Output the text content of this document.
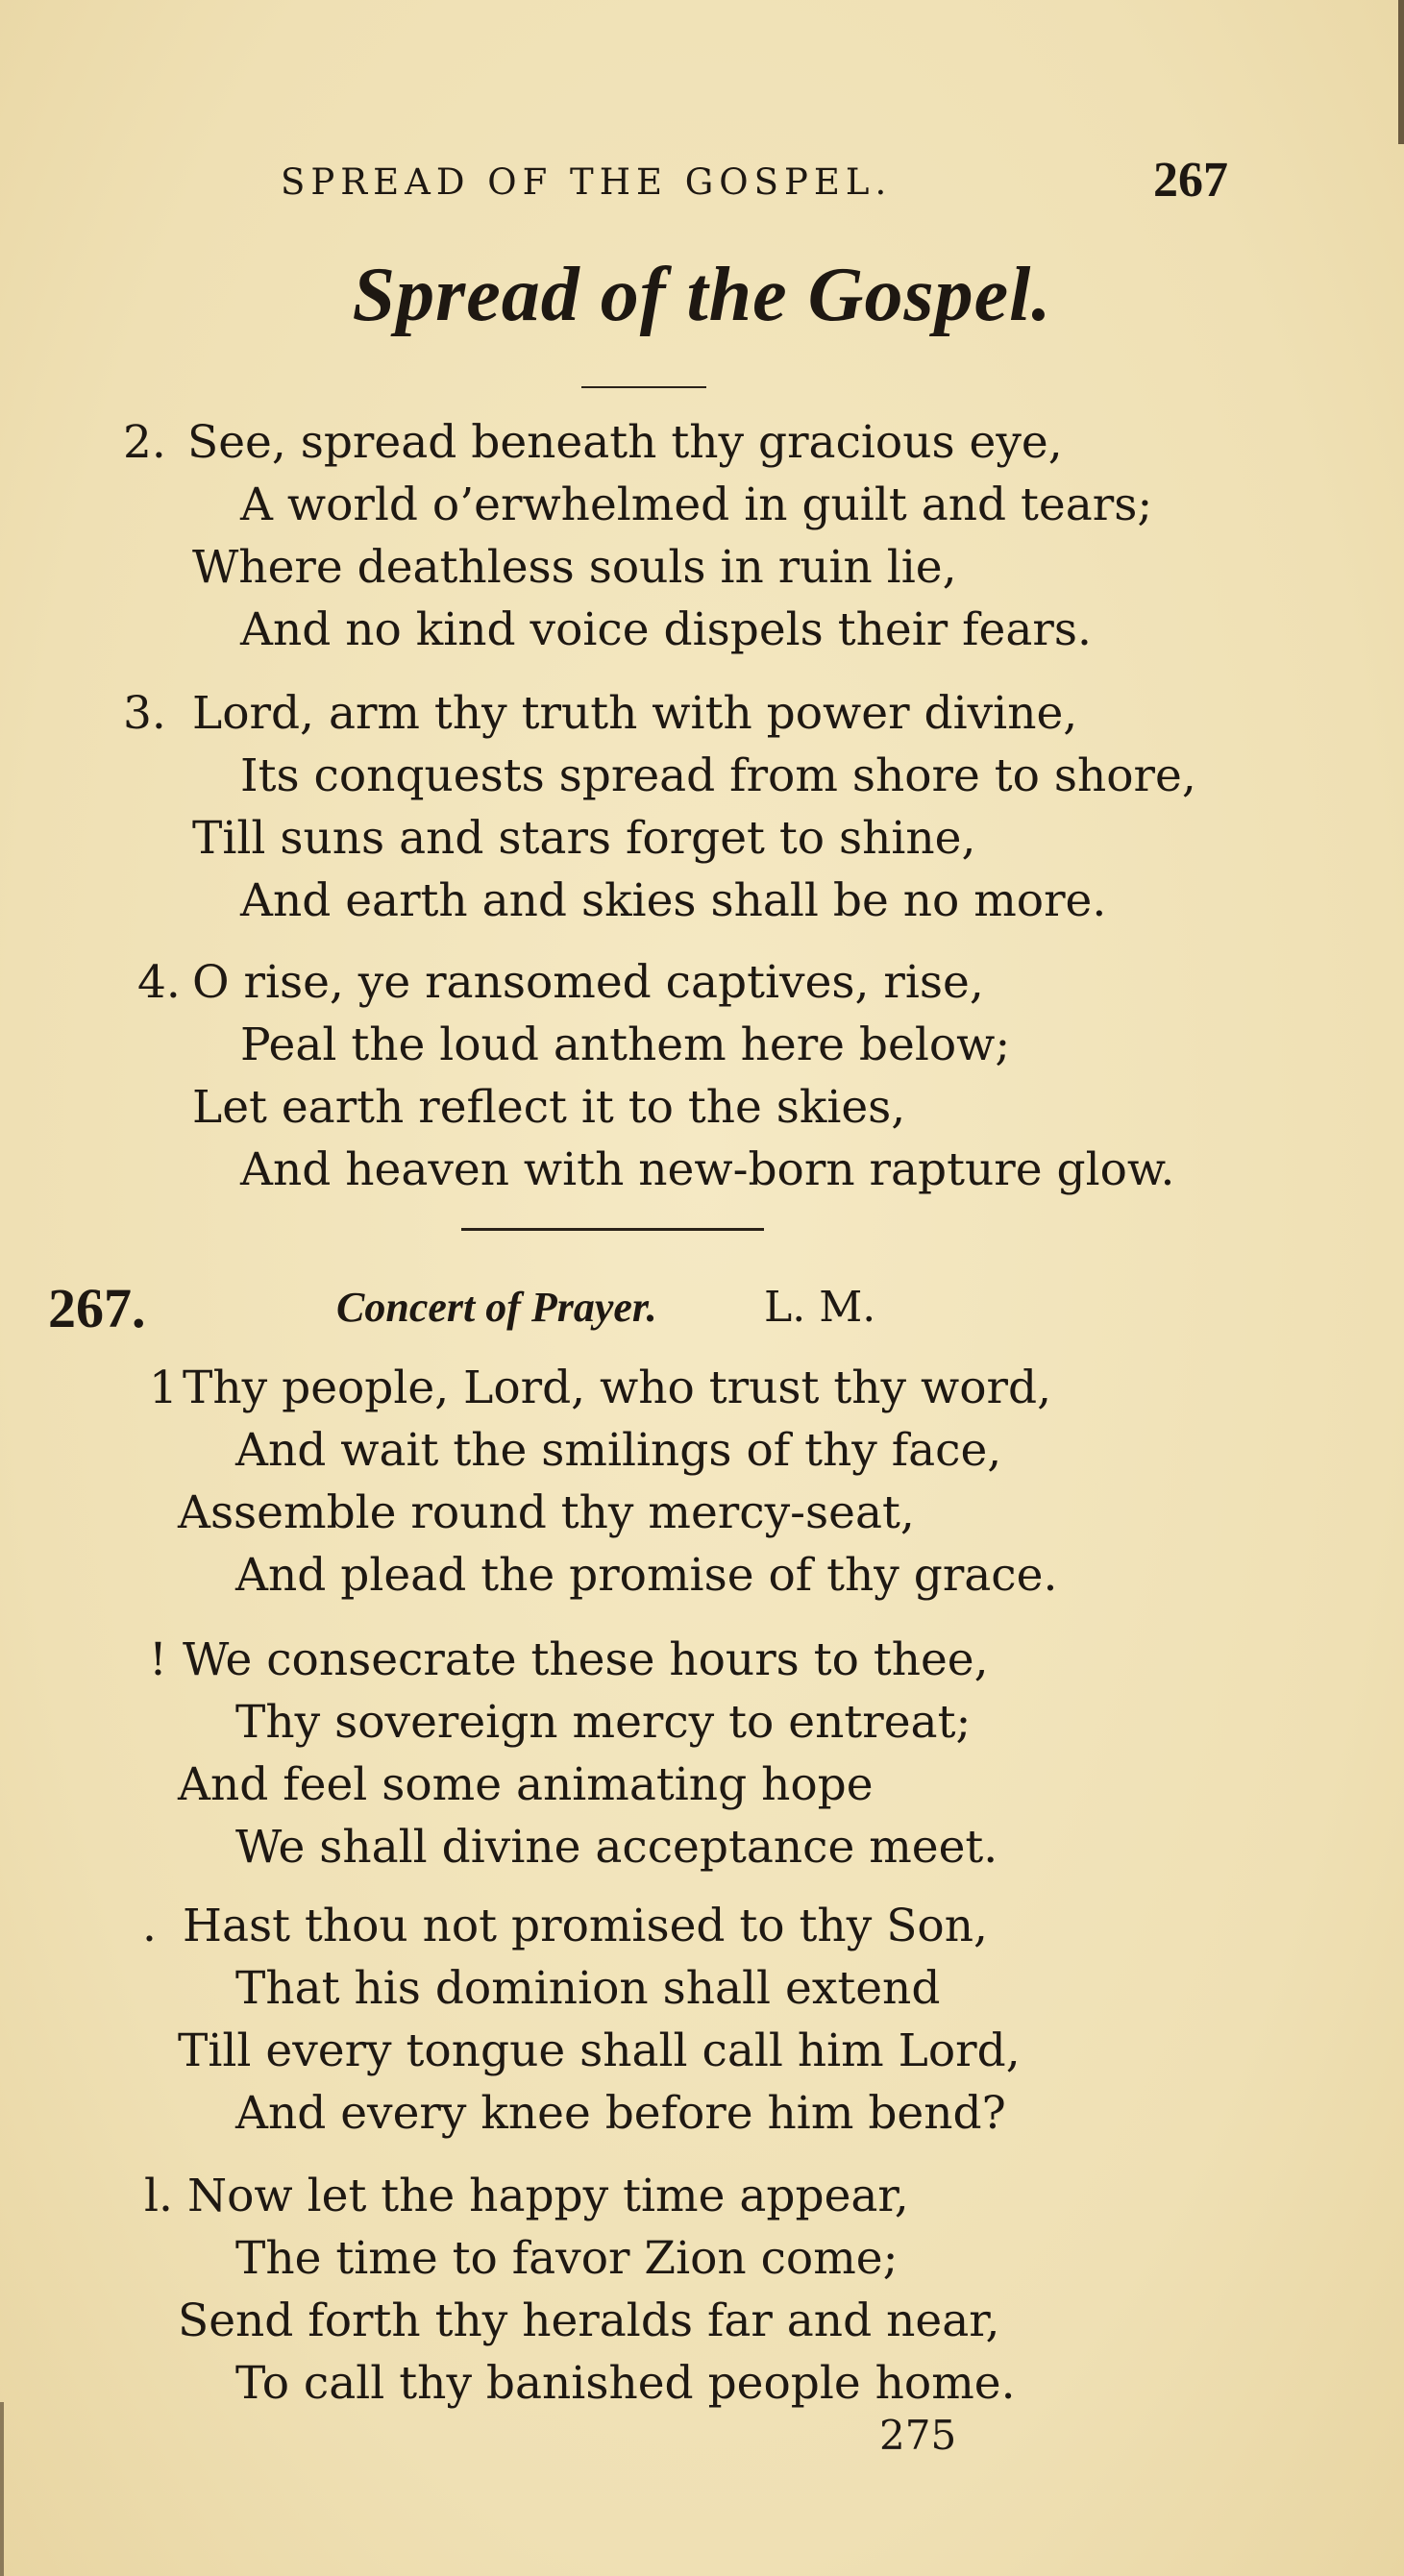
SPREAD OF THE GOSPEL.	267
Spread of the Gospel.
2. See, spread beneath thy gracious eye,
A world o’erwhelmed in guilt and tears;
Where deathless souls in ruin lie,
And no kind voice dispels their fears.
3. Lord, arm thy truth with power divine,
Its conquests spread from shore to shore,
Till suns and stars forget to shine,
And earth and skies shall be no more.
4. O rise, ye ransomed captives, rise,
Peal the loud anthem here below;
Let earth reflect it to the skies,
And heaven with new-born rapture glow.
267.	Concert of Prayer.	L. M.
1 Thy people, Lord, who trust thy word,
And wait the smilings of thy face,
Assemble round thy mercy-seat,
And plead the promise of thy grace.
! We consecrate these hours to thee,
Thy sovereign mercy to entreat;
And feel some animating hope
We shall divine acceptance meet.
. Hast thou not promised to thy Son,
That his dominion shall extend
Till every tongue shall call him Lord,
And every knee before him bend?
l. Now let the happy time appear,
The time to favor Zion come;
Send forth thy heralds far and near,
To call thy banished people home.
275
